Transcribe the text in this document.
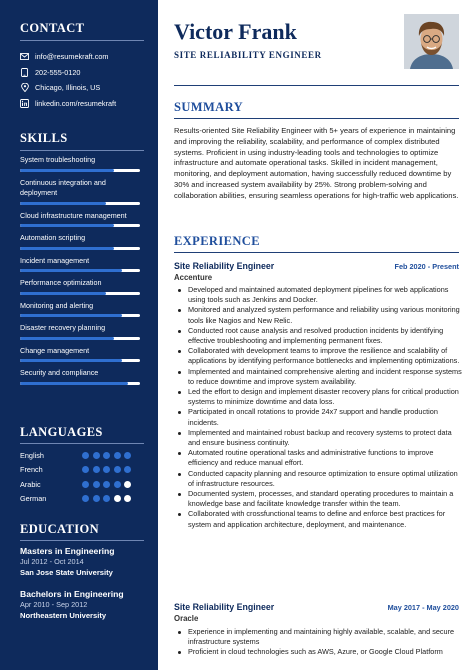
CONTACT
info@resumekraft.com
202-555-0120
Chicago, Illinois, US
linkedin.com/resumekraft
SKILLS
System troubleshooting
Continuous integration and deployment
Cloud infrastructure management
Automation scripting
Incident management
Performance optimization
Monitoring and alerting
Disaster recovery planning
Change management
Security and compliance
LANGUAGES
English
French
Arabic
German
EDUCATION
Masters in Engineering
Jul 2012 - Oct 2014
San Jose State University
Bachelors in Engineering
Apr 2010 - Sep 2012
Northeastern University
Victor Frank
SITE RELIABILITY ENGINEER
SUMMARY
Results-oriented Site Reliability Engineer with 5+ years of experience in maintaining and improving the reliability, scalability, and performance of complex distributed systems. Proficient in using industry-leading tools and technologies to optimize infrastructure and automate operational tasks. Skilled in incident management, monitoring, and deployment automation, having successfully reduced downtime by 30% and increased system availability by 25%. Strong problem-solving and collaboration abilities, ensuring seamless operations for high-traffic web applications.
EXPERIENCE
Site Reliability Engineer	Feb 2020 - Present
Accenture
Developed and maintained automated deployment pipelines for web applications using tools such as Jenkins and Docker.
Monitored and analyzed system performance and reliability using various monitoring tools like Nagios and New Relic.
Conducted root cause analysis and resolved production incidents by identifying effective troubleshooting and implementing permanent fixes.
Collaborated with development teams to improve the resilience and scalability of applications by identifying performance bottlenecks and implementing optimizations.
Implemented and maintained comprehensive alerting and incident response systems to reduce downtime and improve system availability.
Led the effort to design and implement disaster recovery plans for critical production systems to minimize downtime and data loss.
Participated in oncall rotations to provide 24x7 support and handle production incidents.
Implemented and maintained robust backup and recovery systems to protect data and ensure business continuity.
Automated routine operational tasks and administrative functions to improve efficiency and reduce manual effort.
Conducted capacity planning and resource optimization to ensure optimal utilization of infrastructure resources.
Documented system, processes, and standard operating procedures to maintain a knowledge base and facilitate knowledge transfer within the team.
Collaborated with crossfunctional teams to define and enforce best practices for system and application architecture, deployment, and maintenance.
Site Reliability Engineer	May 2017 - May 2020
Oracle
Experience in implementing and maintaining highly available, scalable, and secure infrastructure systems
Proficient in cloud technologies such as AWS, Azure, or Google Cloud Platform
